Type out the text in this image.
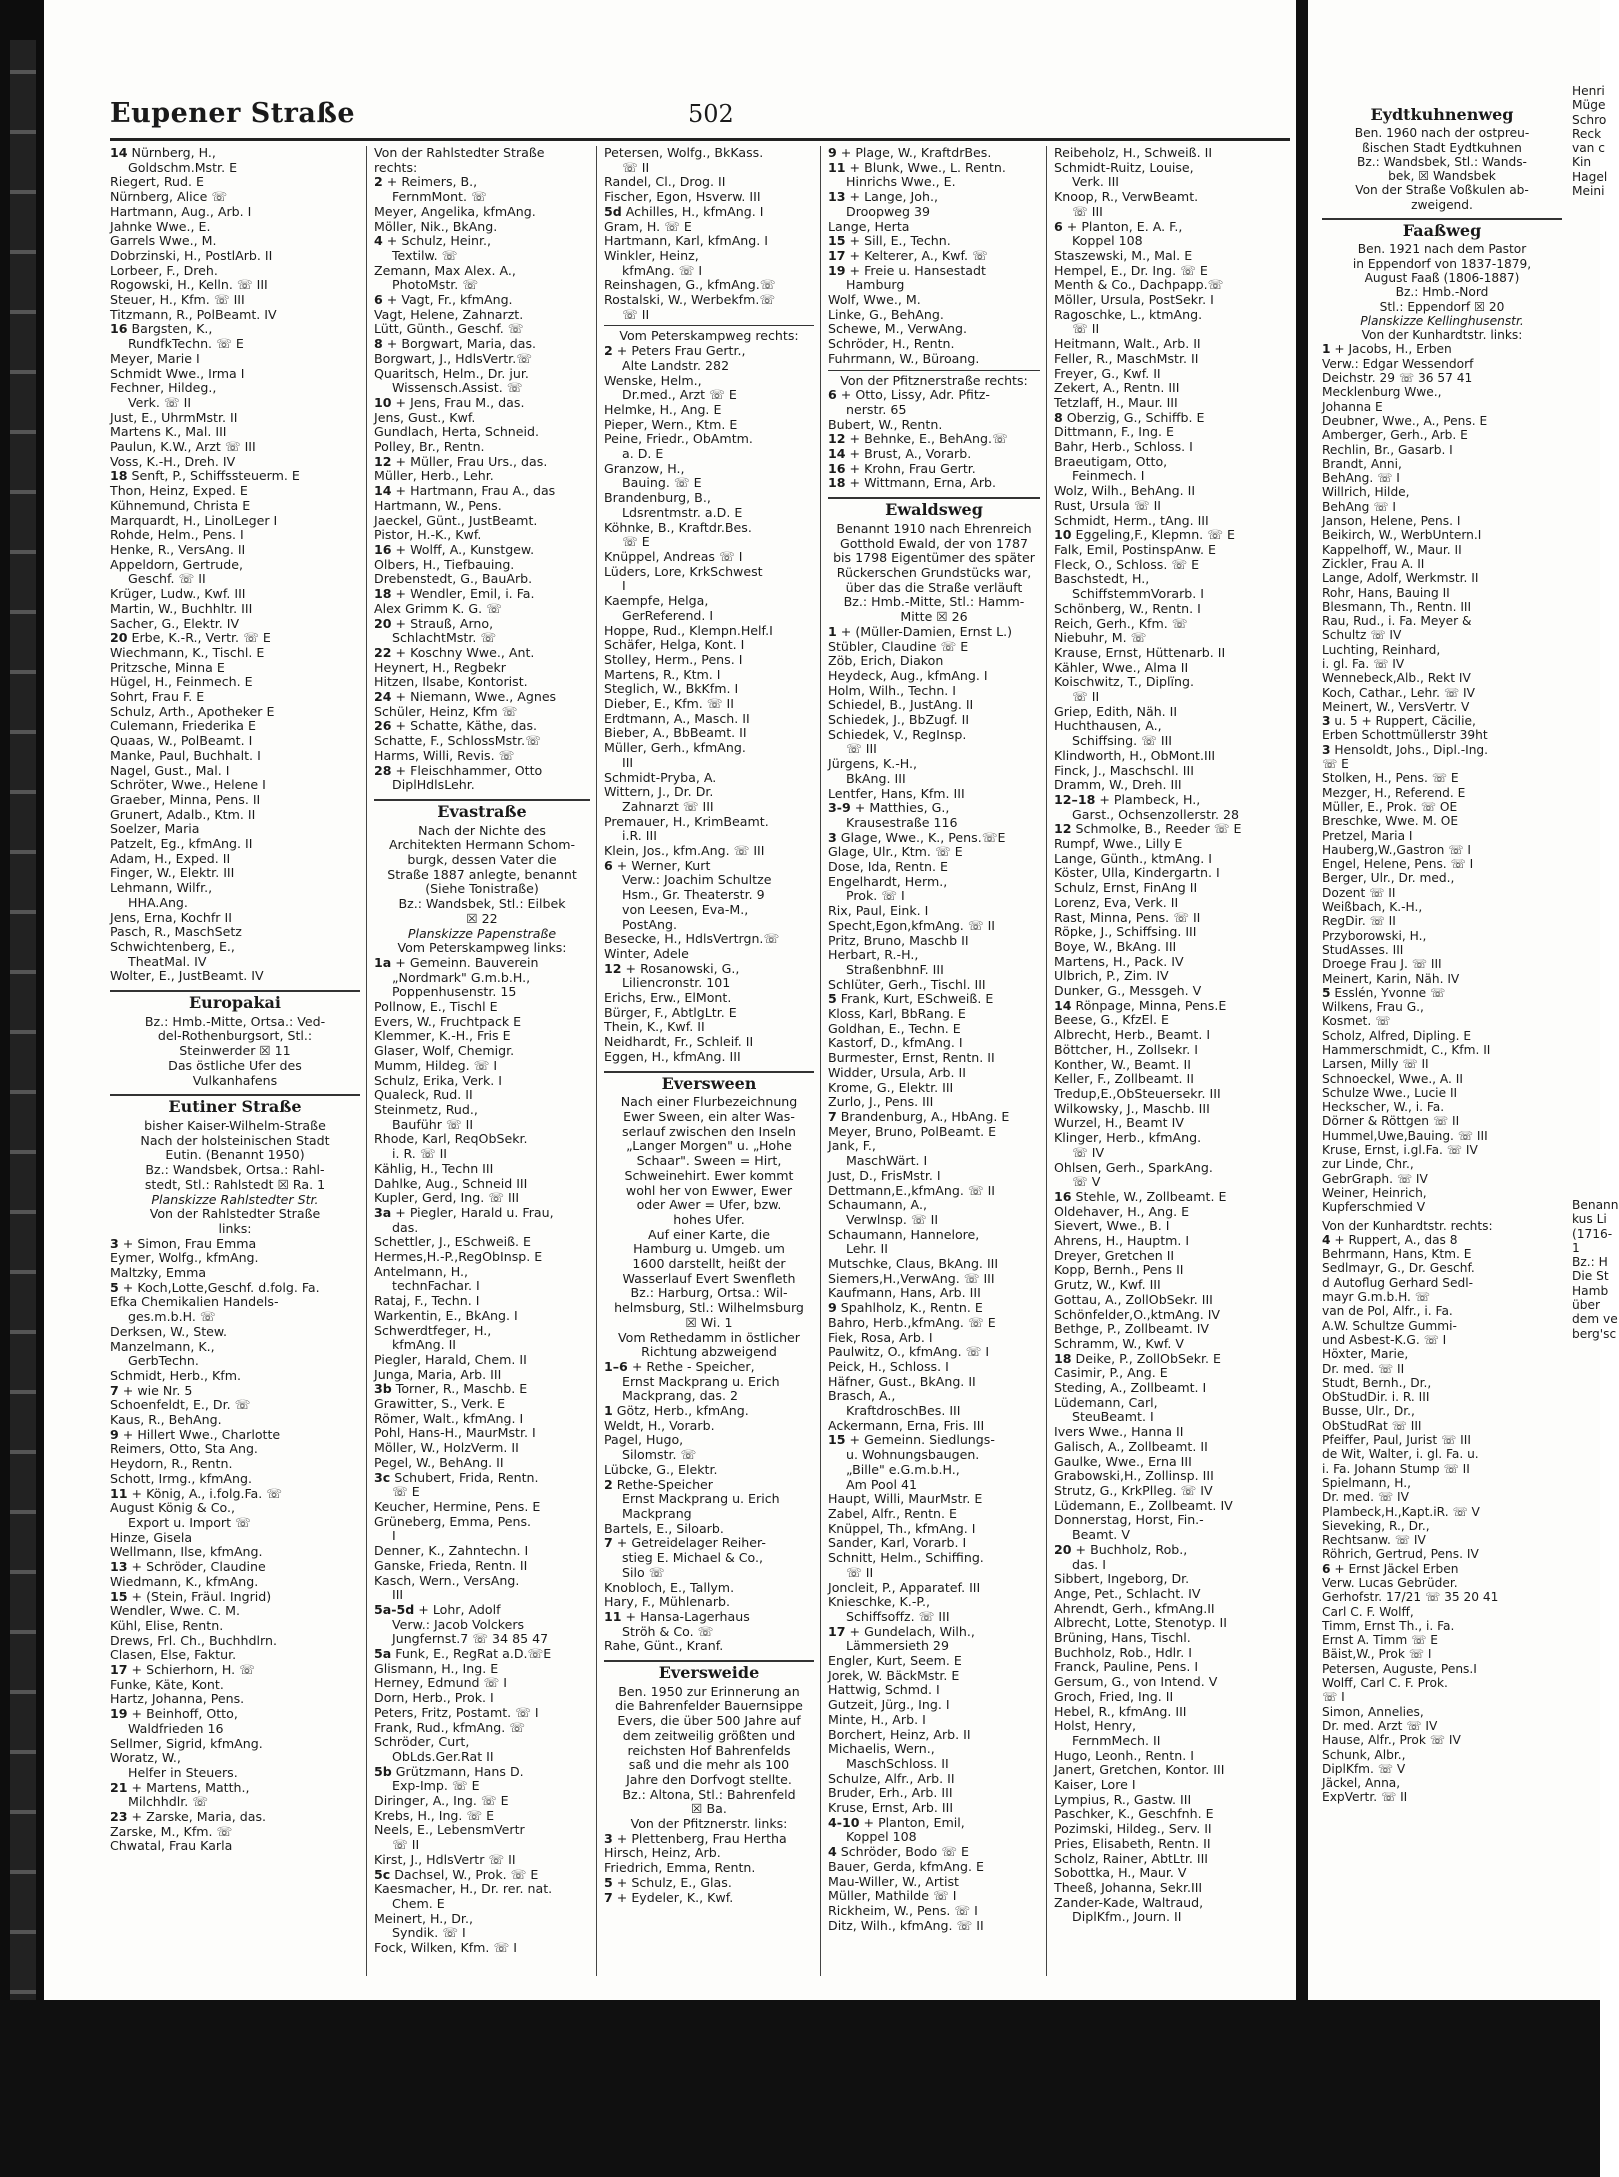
Henri
Müge
Schro
Reck
van c
Kin
Hagel
Meini
Eydtkuhnenweg
Ben. 1960 nach der ostpreu-
ßischen Stadt Eydtkuhnen
Bz.: Wandsbek, Stl.: Wands-
bek, ☒ Wandsbek
Von der Straße Voßkulen ab-
zweigend.
Faaßweg
Ben. 1921 nach dem Pastor
in Eppendorf von 1837-1879,
August Faaß (1806-1887)
Bz.: Hmb.-Nord
Stl.: Eppendorf ☒ 20
Planskizze Kellinghusenstr.
Von der Kunhardtstr. links:
1 + Jacobs, H., Erben
Verw.: Edgar Wessendorf
Deichstr. 29 ☏ 36 57 41
Mecklenburg Wwe.,
Johanna E
Deubner, Wwe., A., Pens. E
Amberger, Gerh., Arb. E
Rechlin, Br., Gasarb. I
Brandt, Anni,
BehAng. ☏ I
Willrich, Hilde,
BehAng ☏ I
Janson, Helene, Pens. I
Beikirch, W., WerbUntern.I
Kappelhoff, W., Maur. II
Zickler, Frau A. II
Lange, Adolf, Werkmstr. II
Rohr, Hans, Bauing II
Blesmann, Th., Rentn. III
Rau, Rud., i. Fa. Meyer &
Schultz ☏ IV
Luchting, Reinhard,
i. gl. Fa. ☏ IV
Wennebeck,Alb., Rekt IV
Koch, Cathar., Lehr. ☏ IV
Meinert, W., VersVertr. V
3 u. 5 + Ruppert, Cäcilie,
Erben Schottmüllerstr 39ht
3 Hensoldt, Johs., Dipl.-Ing.
☏ E
Stolken, H., Pens. ☏ E
Mezger, H., Referend. E
Müller, E., Prok. ☏ OE
Breschke, Wwe. M. OE
Pretzel, Maria I
Hauberg,W.,Gastron ☏ I
Engel, Helene, Pens. ☏ I
Berger, Ulr., Dr. med.,
Dozent ☏ II
Weißbach, K.-H.,
RegDir. ☏ II
Przyborowski, H.,
StudAsses. III
Droege Frau J. ☏ III
Meinert, Karin, Näh. IV
5 Esslén, Yvonne ☏
Wilkens, Frau G.,
Kosmet. ☏
Scholz, Alfred, Dipling. E
Hammerschmidt, C., Kfm. II
Larsen, Milly ☏ II
Schnoeckel, Wwe., A. II
Schulze Wwe., Lucie II
Heckscher, W., i. Fa.
Dörner & Röttgen ☏ II
Hummel,Uwe,Bauing. ☏ III
Kruse, Ernst, i.gl.Fa. ☏ IV
zur Linde, Chr.,
GebrGraph. ☏ IV
Weiner, Heinrich,
Kupferschmied V
Von der Kunhardtstr. rechts:
4 + Ruppert, A., das 8
Behrmann, Hans, Ktm. E
Sedlmayr, G., Dr. Geschf.
d Autoflug Gerhard Sedl-
mayr G.m.b.H. ☏
van de Pol, Alfr., i. Fa.
A.W. Schultze Gummi-
und Asbest-K.G. ☏ I
Höxter, Marie,
Dr. med. ☏ II
Studt, Bernh., Dr.,
ObStudDir. i. R. III
Busse, Ulr., Dr.,
ObStudRat ☏ III
Pfeiffer, Paul, Jurist ☏ III
de Wit, Walter, i. gl. Fa. u.
i. Fa. Johann Stump ☏ II
Spielmann, H.,
Dr. med. ☏ IV
Plambeck,H.,Kapt.iR. ☏ V
Sieveking, R., Dr.,
Rechtsanw. ☏ IV
Röhrich, Gertrud, Pens. IV
6 + Ernst Jäckel Erben
Verw. Lucas Gebrüder.
Gerhofstr. 17/21 ☏ 35 20 41
Carl C. F. Wolff,
Timm, Ernst Th., i. Fa.
Ernst A. Timm ☏ E
Bäist,W., Prok ☏ I
Petersen, Auguste, Pens.I
Wolff, Carl C. F. Prok.
☏ I
Simon, Annelies,
Dr. med. Arzt ☏ IV
Hause, Alfr., Prok ☏ IV
Schunk, Albr.,
DiplKfm. ☏ V
Jäckel, Anna,
ExpVertr. ☏ II
Benann
kus Li
(1716-1
Bz.: H
Die St
Hamb
über
dem ve
berg'sc
Eupener Straße	502
14 Nürnberg, H.,
Goldschm.Mstr. E
Riegert, Rud. E
Nürnberg, Alice ☏
Hartmann, Aug., Arb. I
Jahnke Wwe., E.
Garrels Wwe., M.
Dobrzinski, H., PostlArb. II
Lorbeer, F., Dreh.
Rogowski, H., Kelln. ☏ III
Steuer, H., Kfm. ☏ III
Titzmann, R., PolBeamt. IV
16 Bargsten, K.,
RundfkTechn. ☏ E
Meyer, Marie I
Schmidt Wwe., Irma I
Fechner, Hildeg.,
Verk. ☏ II
Just, E., UhrmMstr. II
Martens K., Mal. III
Paulun, K.W., Arzt ☏ III
Voss, K.-H., Dreh. IV
18 Senft, P., Schiffssteuerm. E
Thon, Heinz, Exped. E
Kühnemund, Christa E
Marquardt, H., LinolLeger I
Rohde, Helm., Pens. I
Henke, R., VersAng. II
Appeldorn, Gertrude,
Geschf. ☏ II
Krüger, Ludw., Kwf. III
Martin, W., Buchhltr. III
Sacher, G., Elektr. IV
20 Erbe, K.-R., Vertr. ☏ E
Wiechmann, K., Tischl. E
Pritzsche, Minna E
Hügel, H., Feinmech. E
Sohrt, Frau F. E
Schulz, Arth., Apotheker E
Culemann, Friederika E
Quaas, W., PolBeamt. I
Manke, Paul, Buchhalt. I
Nagel, Gust., Mal. I
Schröter, Wwe., Helene I
Graeber, Minna, Pens. II
Grunert, Adalb., Ktm. II
Soelzer, Maria
Patzelt, Eg., kfmAng. II
Adam, H., Exped. II
Finger, W., Elektr. III
Lehmann, Wilfr.,
HHA.Ang.
Jens, Erna, Kochfr II
Pasch, R., MaschSetz
Schwichtenberg, E.,
TheatMal. IV
Wolter, E., JustBeamt. IV
Europakai
Bz.: Hmb.-Mitte, Ortsa.: Ved-
del-Rothenburgsort, Stl.:
Steinwerder ☒ 11
Das östliche Ufer des
Vulkanhafens
Eutiner Straße
bisher Kaiser-Wilhelm-Straße
Nach der holsteinischen Stadt
Eutin. (Benannt 1950)
Bz.: Wandsbek, Ortsa.: Rahl-
stedt, Stl.: Rahlstedt ☒ Ra. 1
Planskizze Rahlstedter Str.
Von der Rahlstedter Straße
links:
3 + Simon, Frau Emma
Eymer, Wolfg., kfmAng.
Maltzky, Emma
5 + Koch,Lotte,Geschf. d.folg. Fa.
Efka Chemikalien Handels-
ges.m.b.H. ☏
Derksen, W., Stew.
Manzelmann, K.,
GerbTechn.
Schmidt, Herb., Kfm.
7 + wie Nr. 5
Schoenfeldt, E., Dr. ☏
Kaus, R., BehAng.
9 + Hillert Wwe., Charlotte
Reimers, Otto, Sta Ang.
Heydorn, R., Rentn.
Schott, Irmg., kfmAng.
11 + König, A., i.folg.Fa. ☏
August König & Co.,
Export u. Import ☏
Hinze, Gisela
Wellmann, Ilse, kfmAng.
13 + Schröder, Claudine
Wiedmann, K., kfmAng.
15 + (Stein, Fräul. Ingrid)
Wendler, Wwe. C. M.
Kühl, Elise, Rentn.
Drews, Frl. Ch., Buchhdlrn.
Clasen, Else, Faktur.
17 + Schierhorn, H. ☏
Funke, Käte, Kont.
Hartz, Johanna, Pens.
19 + Beinhoff, Otto,
Waldfrieden 16
Sellmer, Sigrid, kfmAng.
Woratz, W.,
Helfer in Steuers.
21 + Martens, Matth.,
Milchhdlr. ☏
23 + Zarske, Maria, das.
Zarske, M., Kfm. ☏
Chwatal, Frau Karla
Von der Rahlstedter Straße
rechts:
2 + Reimers, B.,
FernmMont. ☏
Meyer, Angelika, kfmAng.
Möller, Nik., BkAng.
4 + Schulz, Heinr.,
Textilw. ☏
Zemann, Max Alex. A.,
PhotoMstr. ☏
6 + Vagt, Fr., kfmAng.
Vagt, Helene, Zahnarzt.
Lütt, Günth., Geschf. ☏
8 + Borgwart, Maria, das.
Borgwart, J., HdlsVertr.☏
Quaritsch, Helm., Dr. jur.
Wissensch.Assist. ☏
10 + Jens, Frau M., das.
Jens, Gust., Kwf.
Gundlach, Herta, Schneid.
Polley, Br., Rentn.
12 + Müller, Frau Urs., das.
Müller, Herb., Lehr.
14 + Hartmann, Frau A., das
Hartmann, W., Pens.
Jaeckel, Günt., JustBeamt.
Pistor, H.-K., Kwf.
16 + Wolff, A., Kunstgew.
Olbers, H., Tiefbauing.
Drebenstedt, G., BauArb.
18 + Wendler, Emil, i. Fa.
Alex Grimm K. G. ☏
20 + Strauß, Arno,
SchlachtMstr. ☏
22 + Koschny Wwe., Ant.
Heynert, H., Regbekr
Hitzen, Ilsabe, Kontorist.
24 + Niemann, Wwe., Agnes
Schüler, Heinz, Kfm ☏
26 + Schatte, Käthe, das.
Schatte, F., SchlossMstr.☏
Harms, Willi, Revis. ☏
28 + Fleischhammer, Otto
DiplHdlsLehr.
Evastraße
Nach der Nichte des
Architekten Hermann Schom-
burgk, dessen Vater die
Straße 1887 anlegte, benannt
(Siehe Tonistraße)
Bz.: Wandsbek, Stl.: Eilbek
☒ 22
Planskizze Papenstraße
Vom Peterskampweg links:
1a + Gemeinn. Bauverein
„Nordmark" G.m.b.H.,
Poppenhusenstr. 15
Pollnow, E., Tischl E
Evers, W., Fruchtpack E
Klemmer, K.-H., Fris E
Glaser, Wolf, Chemigr.
Mumm, Hildeg. ☏ I
Schulz, Erika, Verk. I
Qualeck, Rud. II
Steinmetz, Rud.,
Bauführ ☏ II
Rhode, Karl, ReqObSekr.
i. R. ☏ II
Kählig, H., Techn III
Dahlke, Aug., Schneid III
Kupler, Gerd, Ing. ☏ III
3a + Piegler, Harald u. Frau,
das.
Schettler, J., ESchweiß. E
Hermes,H.-P.,RegObInsp. E
Antelmann, H.,
technFachar. I
Rataj, F., Techn. I
Warkentin, E., BkAng. I
Schwerdtfeger, H.,
kfmAng. II
Piegler, Harald, Chem. II
Junga, Maria, Arb. III
3b Torner, R., Maschb. E
Grawitter, S., Verk. E
Römer, Walt., kfmAng. I
Pohl, Hans-H., MaurMstr. I
Möller, W., HolzVerm. II
Pegel, W., BehAng. II
3c Schubert, Frida, Rentn.
☏ E
Keucher, Hermine, Pens. E
Grüneberg, Emma, Pens.
I
Denner, K., Zahntechn. I
Ganske, Frieda, Rentn. II
Kasch, Wern., VersAng.
III
5a-5d + Lohr, Adolf
Verw.: Jacob Volckers
Jungfernst.7 ☏ 34 85 47
5a Funk, E., RegRat a.D.☏E
Glismann, H., Ing. E
Herney, Edmund ☏ I
Dorn, Herb., Prok. I
Peters, Fritz, Postamt. ☏ I
Frank, Rud., kfmAng. ☏
Schröder, Curt,
ObLds.Ger.Rat II
5b Grützmann, Hans D.
Exp-Imp. ☏ E
Diringer, A., Ing. ☏ E
Krebs, H., Ing. ☏ E
Neels, E., LebensmVertr
☏ II
Kirst, J., HdlsVertr ☏ II
5c Dachsel, W., Prok. ☏ E
Kaesmacher, H., Dr. rer. nat.
Chem. E
Meinert, H., Dr.,
Syndik. ☏ I
Fock, Wilken, Kfm. ☏ I
Petersen, Wolfg., BkKass.
☏ II
Randel, Cl., Drog. II
Fischer, Egon, Hsverw. III
5d Achilles, H., kfmAng. I
Gram, H. ☏ E
Hartmann, Karl, kfmAng. I
Winkler, Heinz,
kfmAng. ☏ I
Reinshagen, G., kfmAng.☏
Rostalski, W., Werbekfm.☏
☏ II
Vom Peterskampweg rechts:
2 + Peters Frau Gertr.,
Alte Landstr. 282
Wenske, Helm.,
Dr.med., Arzt ☏ E
Helmke, H., Ang. E
Pieper, Wern., Ktm. E
Peine, Friedr., ObAmtm.
a. D. E
Granzow, H.,
Bauing. ☏ E
Brandenburg, B.,
Ldsrentmstr. a.D. E
Köhnke, B., Kraftdr.Bes.
☏ E
Knüppel, Andreas ☏ I
Lüders, Lore, KrkSchwest
I
Kaempfe, Helga,
GerReferend. I
Hoppe, Rud., Klempn.Helf.I
Schäfer, Helga, Kont. I
Stolley, Herm., Pens. I
Martens, R., Ktm. I
Steglich, W., BkKfm. I
Dieber, E., Kfm. ☏ II
Erdtmann, A., Masch. II
Bieber, A., BbBeamt. II
Müller, Gerh., kfmAng.
III
Schmidt-Pryba, A.
Wittern, J., Dr. Dr.
Zahnarzt ☏ III
Premauer, H., KrimBeamt.
i.R. III
Klein, Jos., kfm.Ang. ☏ III
6 + Werner, Kurt
Verw.: Joachim Schultze
Hsm., Gr. Theaterstr. 9
von Leesen, Eva-M.,
PostAng.
Besecke, H., HdlsVertrgn.☏
Winter, Adele
12 + Rosanowski, G.,
Liliencronstr. 101
Erichs, Erw., ElMont.
Bürger, F., AbtlgLtr. E
Thein, K., Kwf. II
Neidhardt, Fr., Schleif. II
Eggen, H., kfmAng. III
Eversween
Nach einer Flurbezeichnung
Ewer Sween, ein alter Was-
serlauf zwischen den Inseln
„Langer Morgen" u. „Hohe
Schaar". Sween = Hirt,
Schweinehirt. Ewer kommt
wohl her von Ewwer, Ewer
oder Awer = Ufer, bzw.
hohes Ufer.
Auf einer Karte, die
Hamburg u. Umgeb. um
1600 darstellt, heißt der
Wasserlauf Evert Swenfleth
Bz.: Harburg, Ortsa.: Wil-
helmsburg, Stl.: Wilhelmsburg
☒ Wi. 1
Vom Rethedamm in östlicher
Richtung abzweigend
1–6 + Rethe - Speicher,
Ernst Mackprang u. Erich
Mackprang, das. 2
1 Götz, Herb., kfmAng.
Weldt, H., Vorarb.
Pagel, Hugo,
Silomstr. ☏
Lübcke, G., Elektr.
2 Rethe-Speicher
Ernst Mackprang u. Erich
Mackprang
Bartels, E., Siloarb.
7 + Getreidelager Reiher-
stieg E. Michael & Co.,
Silo ☏
Knobloch, E., Tallym.
Hary, F., Mühlenarb.
11 + Hansa-Lagerhaus
Ströh & Co. ☏
Rahe, Günt., Kranf.
Eversweide
Ben. 1950 zur Erinnerung an
die Bahrenfelder Bauernsippe
Evers, die über 500 Jahre auf
dem zeitweilig größten und
reichsten Hof Bahrenfelds
saß und die mehr als 100
Jahre den Dorfvogt stellte.
Bz.: Altona, Stl.: Bahrenfeld
☒ Ba.
Von der Pfitznerstr. links:
3 + Plettenberg, Frau Hertha
Hirsch, Heinz, Arb.
Friedrich, Emma, Rentn.
5 + Schulz, E., Glas.
7 + Eydeler, K., Kwf.
9 + Plage, W., KraftdrBes.
11 + Blunk, Wwe., L. Rentn.
Hinrichs Wwe., E.
13 + Lange, Joh.,
Droopweg 39
Lange, Herta
15 + Sill, E., Techn.
17 + Kelterer, A., Kwf. ☏
19 + Freie u. Hansestadt
Hamburg
Wolf, Wwe., M.
Linke, G., BehAng.
Schewe, M., VerwAng.
Schröder, H., Rentn.
Fuhrmann, W., Büroang.
Von der Pfitznerstraße rechts:
6 + Otto, Lissy, Adr. Pfitz-
nerstr. 65
Bubert, W., Rentn.
12 + Behnke, E., BehAng.☏
14 + Brust, A., Vorarb.
16 + Krohn, Frau Gertr.
18 + Wittmann, Erna, Arb.
Ewaldsweg
Benannt 1910 nach Ehrenreich
Gotthold Ewald, der von 1787
bis 1798 Eigentümer des später
Rückerschen Grundstücks war,
über das die Straße verläuft
Bz.: Hmb.-Mitte, Stl.: Hamm-
Mitte ☒ 26
1 + (Müller-Damien, Ernst L.)
Stübler, Claudine ☏ E
Zöb, Erich, Diakon
Heydeck, Aug., kfmAng. I
Holm, Wilh., Techn. I
Schiedel, B., JustAng. II
Schiedek, J., BbZugf. II
Schiedek, V., RegInsp.
☏ III
Jürgens, K.-H.,
BkAng. III
Lentfer, Hans, Kfm. III
3-9 + Matthies, G.,
Krausestraße 116
3 Glage, Wwe., K., Pens.☏E
Glage, Ulr., Ktm. ☏ E
Dose, Ida, Rentn. E
Engelhardt, Herm.,
Prok. ☏ I
Rix, Paul, Eink. I
Specht,Egon,kfmAng. ☏ II
Pritz, Bruno, Maschb II
Herbart, R.-H.,
StraßenbhnF. III
Schlüter, Gerh., Tischl. III
5 Frank, Kurt, ESchweiß. E
Kloss, Karl, BbRang. E
Goldhan, E., Techn. E
Kastorf, D., kfmAng. I
Burmester, Ernst, Rentn. II
Widder, Ursula, Arb. II
Krome, G., Elektr. III
Zurlo, J., Pens. III
7 Brandenburg, A., HbAng. E
Meyer, Bruno, PolBeamt. E
Jank, F.,
MaschWärt. I
Just, D., FrisMstr. I
Dettmann,E.,kfmAng. ☏ II
Schaumann, A.,
Verwlnsp. ☏ II
Schaumann, Hannelore,
Lehr. II
Mutschke, Claus, BkAng. III
Siemers,H.,VerwAng. ☏ III
Kaufmann, Hans, Arb. III
9 Spahlholz, K., Rentn. E
Bahro, Herb.,kfmAng. ☏ E
Fiek, Rosa, Arb. I
Paulwitz, O., kfmAng. ☏ I
Peick, H., Schloss. I
Häfner, Gust., BkAng. II
Brasch, A.,
KraftdroschBes. III
Ackermann, Erna, Fris. III
15 + Gemeinn. Siedlungs-
u. Wohnungsbaugen.
„Bille" e.G.m.b.H.,
Am Pool 41
Haupt, Willi, MaurMstr. E
Zabel, Alfr., Rentn. E
Knüppel, Th., kfmAng. I
Sander, Karl, Vorarb. I
Schnitt, Helm., Schiffing.
☏ II
Joncleit, P., Apparatef. III
Knieschke, K.-P.,
Schiffsoffz. ☏ III
17 + Gundelach, Wilh.,
Lämmersieth 29
Engler, Kurt, Seem. E
Jorek, W. BäckMstr. E
Hattwig, Schmd. I
Gutzeit, Jürg., Ing. I
Minte, H., Arb. I
Borchert, Heinz, Arb. II
Michaelis, Wern.,
MaschSchloss. II
Schulze, Alfr., Arb. II
Bruder, Erh., Arb. III
Kruse, Ernst, Arb. III
4-10 + Planton, Emil,
Koppel 108
4 Schröder, Bodo ☏ E
Bauer, Gerda, kfmAng. E
Mau-Willer, W., Artist
Müller, Mathilde ☏ I
Rickheim, W., Pens. ☏ I
Ditz, Wilh., kfmAng. ☏ II
Reibeholz, H., Schweiß. II
Schmidt-Ruitz, Louise,
Verk. III
Knoop, R., VerwBeamt.
☏ III
6 + Planton, E. A. F.,
Koppel 108
Staszewski, M., Mal. E
Hempel, E., Dr. Ing. ☏ E
Menth & Co., Dachpapp.☏
Möller, Ursula, PostSekr. I
Ragoschke, L., ktmAng.
☏ II
Heitmann, Walt., Arb. II
Feller, R., MaschMstr. II
Freyer, G., Kwf. II
Zekert, A., Rentn. III
Tetzlaff, H., Maur. III
8 Oberzig, G., Schiffb. E
Dittmann, F., Ing. E
Bahr, Herb., Schloss. I
Braeutigam, Otto,
Feinmech. I
Wolz, Wilh., BehAng. II
Rust, Ursula ☏ II
Schmidt, Herm., tAng. III
10 Eggeling,F., Klepmn. ☏ E
Falk, Emil, PostinspAnw. E
Fleck, O., Schloss. ☏ E
Baschstedt, H.,
SchiffstemmVorarb. I
Schönberg, W., Rentn. I
Reich, Gerh., Kfm. ☏
Niebuhr, M. ☏
Krause, Ernst, Hüttenarb. II
Kähler, Wwe., Alma II
Koischwitz, T., Diplïng.
☏ II
Griep, Edith, Näh. II
Huchthausen, A.,
Schiffsing. ☏ III
Klindworth, H., ObMont.III
Finck, J., Maschschl. III
Dramm, W., Dreh. III
12–18 + Plambeck, H.,
Garst., Ochsenzollerstr. 28
12 Schmolke, B., Reeder ☏ E
Rumpf, Wwe., Lilly E
Lange, Günth., ktmAng. I
Köster, Ulla, Kindergartn. I
Schulz, Ernst, FinAng II
Lorenz, Eva, Verk. II
Rast, Minna, Pens. ☏ II
Röpke, J., Schiffsing. III
Boye, W., BkAng. III
Martens, H., Pack. IV
Ulbrich, P., Zim. IV
Dunker, G., Messgeh. V
14 Rönpage, Minna, Pens.E
Beese, G., KfzEl. E
Albrecht, Herb., Beamt. I
Böttcher, H., Zollsekr. I
Konther, W., Beamt. II
Keller, F., Zollbeamt. II
Tredup,E.,ObSteuersekr. III
Wilkowsky, J., Maschb. III
Wurzel, H., Beamt IV
Klinger, Herb., kfmAng.
☏ IV
Ohlsen, Gerh., SparkAng.
☏ V
16 Stehle, W., Zollbeamt. E
Oldehaver, H., Ang. E
Sievert, Wwe., B. I
Ahrens, H., Hauptm. I
Dreyer, Gretchen II
Kopp, Bernh., Pens II
Grutz, W., Kwf. III
Gottau, A., ZollObSekr. III
Schönfelder,O.,ktmAng. IV
Bethge, P., Zollbeamt. IV
Schramm, W., Kwf. V
18 Deike, P., ZollObSekr. E
Casimir, P., Ang. E
Steding, A., Zollbeamt. I
Lüdemann, Carl,
SteuBeamt. I
Ivers Wwe., Hanna II
Galisch, A., Zollbeamt. II
Gaulke, Wwe., Erna III
Grabowski,H., Zollinsp. III
Strutz, G., KrkPlleg. ☏ IV
Lüdemann, E., Zollbeamt. IV
Donnerstag, Horst, Fin.-
Beamt. V
20 + Buchholz, Rob.,
das. I
Sibbert, Ingeborg, Dr.
Ange, Pet., Schlacht. IV
Ahrendt, Gerh., kfmAng.II
Albrecht, Lotte, Stenotyp. II
Brüning, Hans, Tischl.
Buchholz, Rob., Hdlr. I
Franck, Pauline, Pens. I
Gersum, G., von Intend. V
Groch, Fried, Ing. II
Hebel, R., kfmAng. III
Holst, Henry,
FernmMech. II
Hugo, Leonh., Rentn. I
Janert, Gretchen, Kontor. III
Kaiser, Lore I
Lympius, R., Gastw. III
Paschker, K., Geschfnh. E
Pozimski, Hildeg., Serv. II
Pries, Elisabeth, Rentn. II
Scholz, Rainer, AbtLtr. III
Sobottka, H., Maur. V
Theeß, Johanna, Sekr.III
Zander-Kade, Waltraud,
DiplKfm., Journ. II
